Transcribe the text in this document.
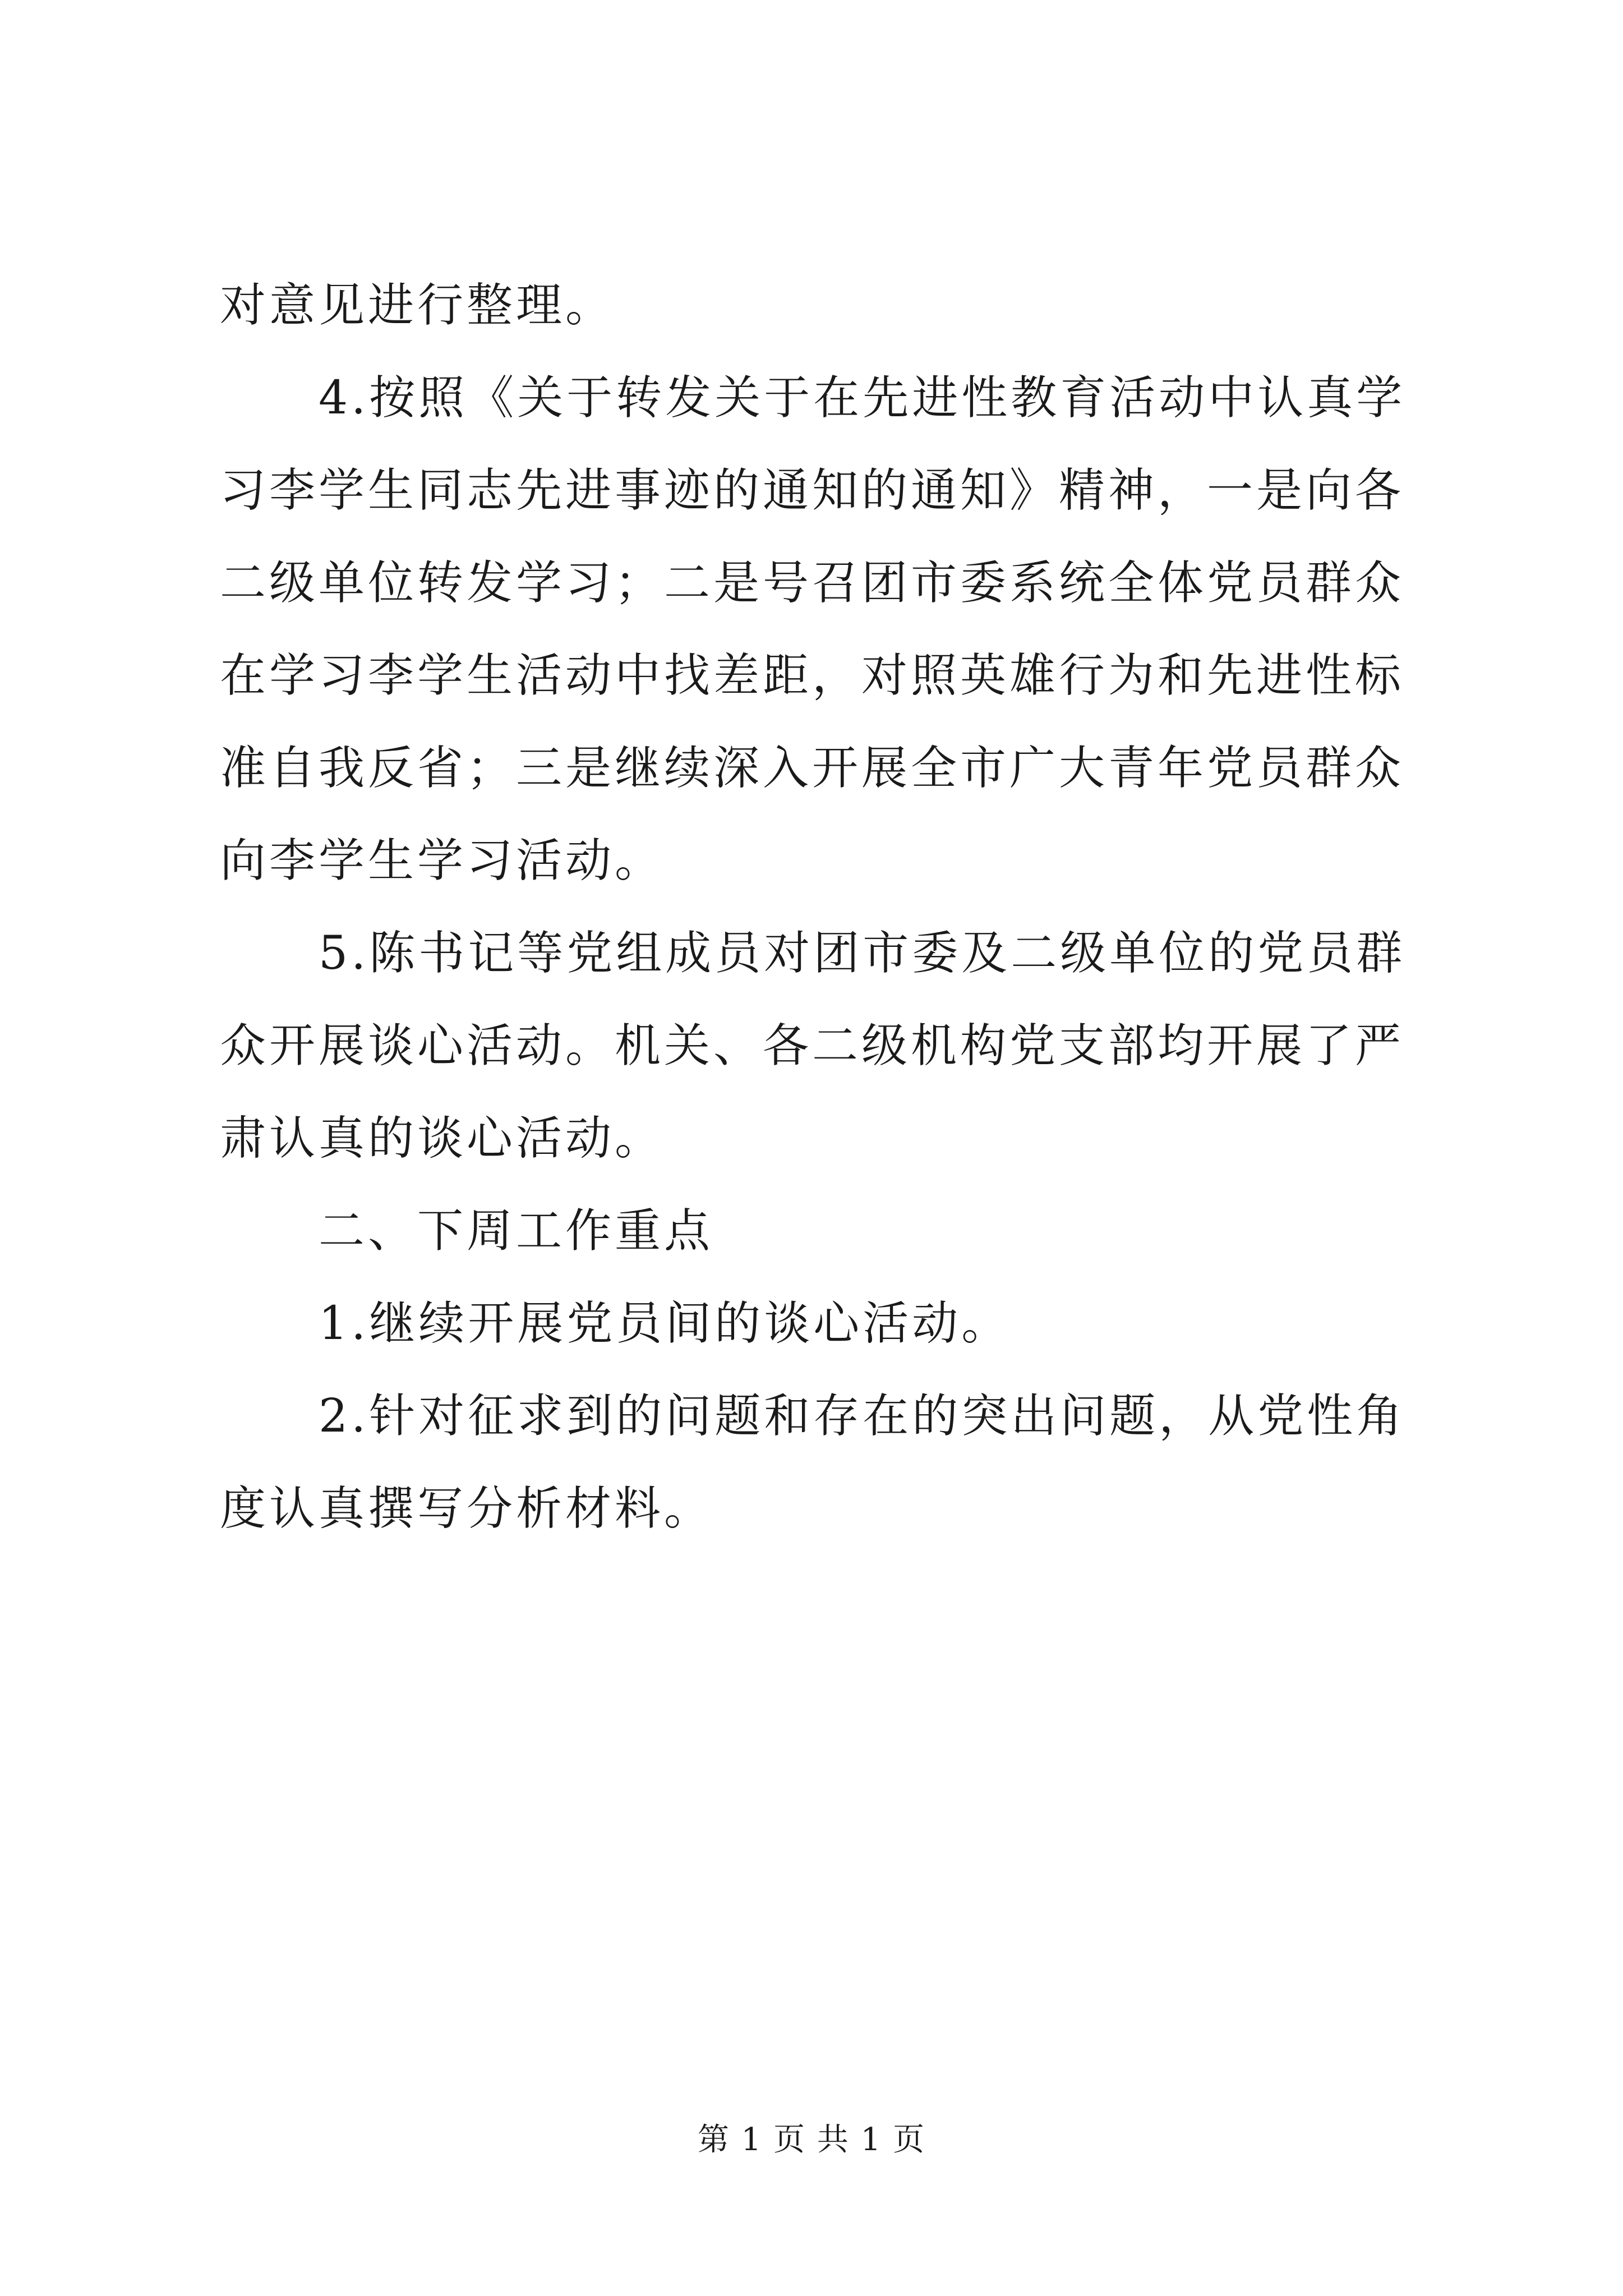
对意见进行整理。

4.按照《关于转发关于在先进性教育活动中认真学习李学生同志先进事迹的通知的通知》精神，一是向各二级单位转发学习；二是号召团市委系统全体党员群众在学习李学生活动中找差距，对照英雄行为和先进性标准自我反省；三是继续深入开展全市广大青年党员群众向李学生学习活动。

5.陈书记等党组成员对团市委及二级单位的党员群众开展谈心活动。机关、各二级机构党支部均开展了严肃认真的谈心活动。

二、下周工作重点

1.继续开展党员间的谈心活动。

2.针对征求到的问题和存在的突出问题，从党性角度认真撰写分析材料。

第 1 页 共 1 页
